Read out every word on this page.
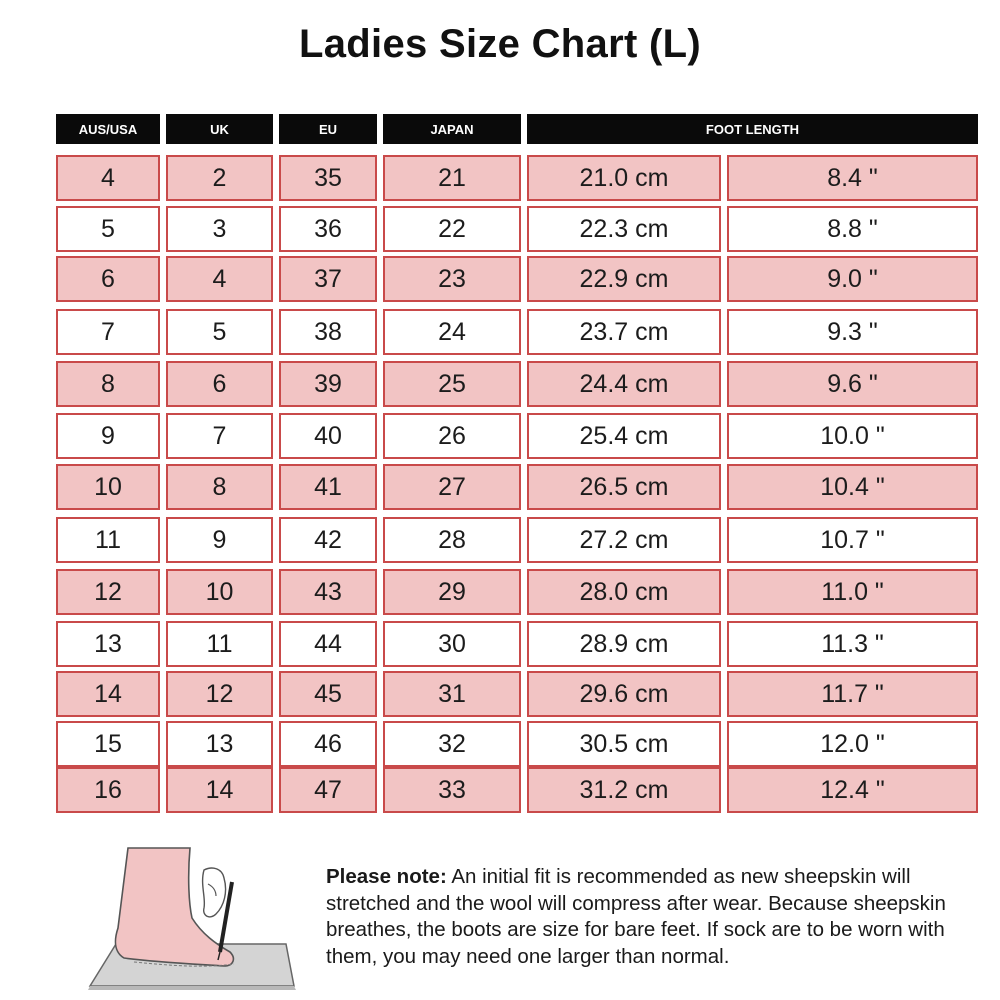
Ladies Size Chart (L)
AUS/USA	UK	EU	JAPAN	FOOT LENGTH
4	2	35	21	21.0 cm	8.4 "
5	3	36	22	22.3 cm	8.8 "
6	4	37	23	22.9 cm	9.0 "
7	5	38	24	23.7 cm	9.3 "
8	6	39	25	24.4 cm	9.6 "
9	7	40	26	25.4 cm	10.0 "
10	8	41	27	26.5 cm	10.4 "
11	9	42	28	27.2 cm	10.7 "
12	10	43	29	28.0 cm	11.0 "
13	11	44	30	28.9 cm	11.3 "
14	12	45	31	29.6 cm	11.7 "
15	13	46	32	30.5 cm	12.0 "
16	14	47	33	31.2 cm	12.4 "
Please note: An initial fit is recommended as new sheepskin will stretched and the wool will compress after wear. Because sheepskin breathes, the boots are size for bare feet. If sock are to be worn with them, you may need one larger than normal.
